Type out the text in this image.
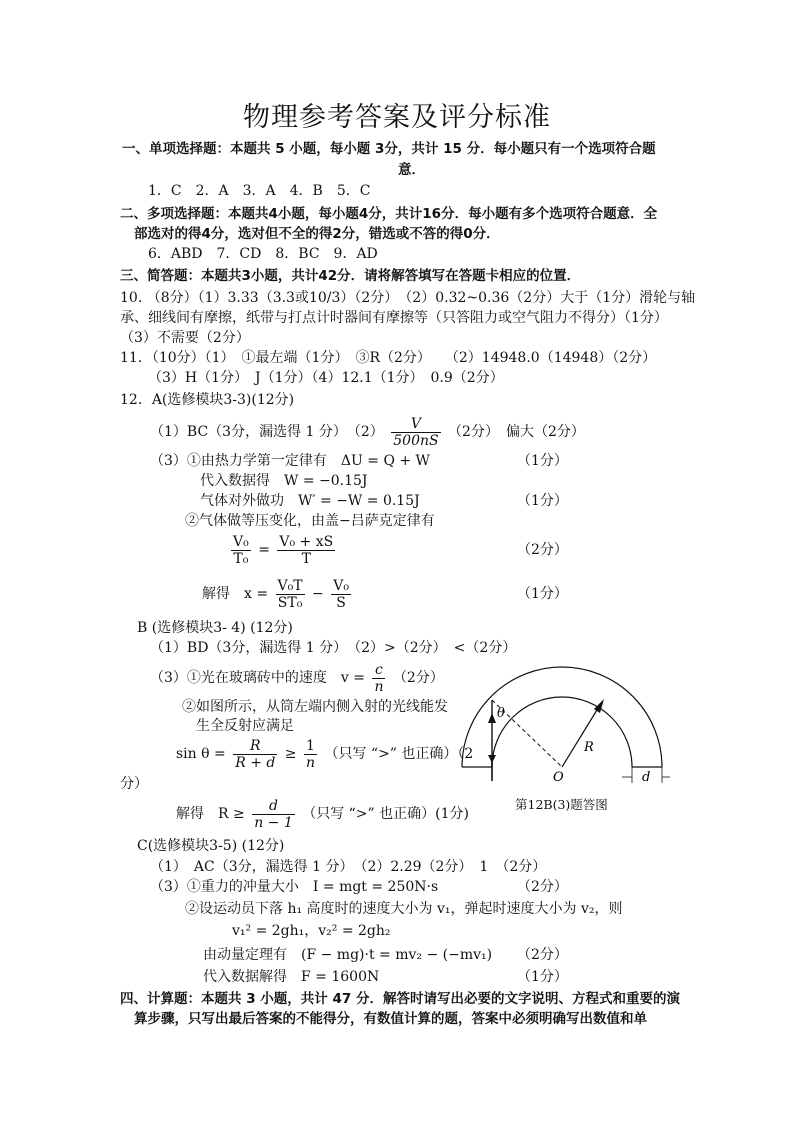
物理参考答案及评分标准
一、单项选择题：本题共 5 小题，每小题 3分，共计 15 分．每小题只有一个选项符合题
意．
1．C　2．A　3．A　4．B　5．C
二、多项选择题：本题共4小题，每小题4分，共计16分．每小题有多个选项符合题意．全
部选对的得4分，选对但不全的得2分，错选或不答的得0分．
6．ABD　7．CD　8．BC　9．AD
三、简答题：本题共3小题，共计42分．请将解答填写在答题卡相应的位置．
10. （8分）（1）3.33（3.3或10/3）（2分）　（2）0.32~0.36（2分）大于（1分）滑轮与轴
承、细线间有摩擦，纸带与打点计时器间有摩擦等（只答阻力或空气阻力不得分）（1分）
（3）不需要（2分）
11．（10分）（1）　①最左端（1分）　③R（2分）　　（2）14948.0（14948）（2分）
（3）H（1分）　J（1分）（4）12.1（1分）　0.9（2分）
12．A(选修模块3-3)(12分)
（1）BC（3分，漏选得 1 分）　$(2) \frac{V}{500nS} (2$分）　偏大（2分）
（3）①由热力学第一定律有　ΔU = Q + W	（1分）
代入数据得　W = −0.15J
气体对外做功　W′ = −W = 0.15J	（1分）
②气体做等压变化，由盖−吕萨克定律有
$\frac{\text{V₀}}{\text{T₀}} = \frac{\text{V₀ + xS}}{T}$	（2分）
解得　$x = \frac{\text{V₀T}}{\text{ST₀}} - \frac{\text{V₀}}{S}$	（1分）
B (选修模块3- 4) (12分)
（1）BD（3分，漏选得 1 分）　（2）>（2分）　<（2分）
（3）①光在玻璃砖中的速度　$v = \frac{c}{n} (2$分）
②如图所示，从筒左端内侧入射的光线能发
生全反射应满足
$\sin \theta = \frac{R}{R + d} \ge \frac{1}{n}$ （只写 “>” 也正确）（2
分）
解得　$R \ge \frac{d}{n - 1}$ （只写 “>” 也正确）(1分)
θ
R
O	d
第12B(3)题答图
C(选修模块3-5) (12分)
（1）　AC（3分，漏选得 1 分）　（2）2.29（2分）　1　（2分）
（3）①重力的冲量大小　I = mgt = 250N·s	（2分）
②设运动员下落 h₁ 高度时的速度大小为 v₁，弹起时速度大小为 v₂，则
v₁² = 2gh₁，v₂² = 2gh₂
由动量定理有　(F − mg)·t = mv₂ − (−mv₁) （2分）
代入数据解得　F = 1600N	（1分）
四、计算题：本题共 3 小题，共计 47 分．解答时请写出必要的文字说明、方程式和重要的演
算步骤，只写出最后答案的不能得分，有数值计算的题，答案中必须明确写出数值和单
